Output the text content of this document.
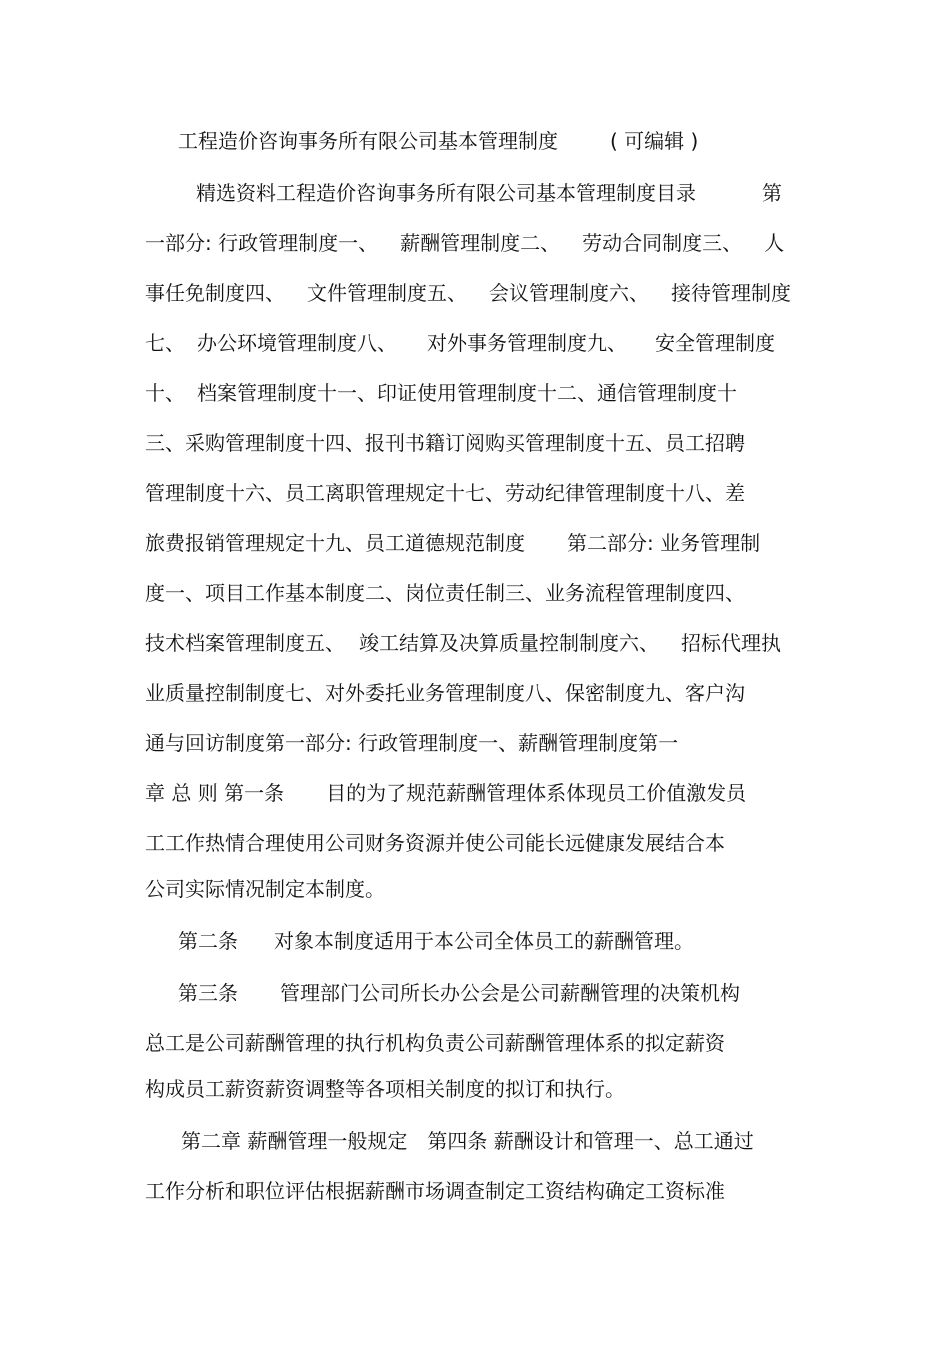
工程造价咨询事务所有限公司基本管理制度	( 可编辑 )
精选资料工程造价咨询事务所有限公司基本管理制度目录	第
一部分: 行政管理制度一、 薪酬管理制度二、 劳动合同制度三、 人
事任免制度四、 文件管理制度五、 会议管理制度六、 接待管理制度
七、 办公环境管理制度八、 对外事务管理制度九、 安全管理制度
十、 档案管理制度十一、印证使用管理制度十二、通信管理制度十
三、采购管理制度十四、报刊书籍订阅购买管理制度十五、员工招聘
管理制度十六、员工离职管理规定十七、劳动纪律管理制度十八、差
旅费报销管理规定十九、员工道德规范制度 第二部分: 业务管理制
度一、项目工作基本制度二、岗位责任制三、业务流程管理制度四、
技术档案管理制度五、 竣工结算及决算质量控制制度六、 招标代理执
业质量控制制度七、对外委托业务管理制度八、保密制度九、客户沟
通与回访制度第一部分: 行政管理制度一、薪酬管理制度第一
章 总 则 第一条 目的为了规范薪酬管理体系体现员工价值激发员
工工作热情合理使用公司财务资源并使公司能长远健康发展结合本
公司实际情况制定本制度。
第二条 对象本制度适用于本公司全体员工的薪酬管理。
第三条 管理部门公司所长办公会是公司薪酬管理的决策机构
总工是公司薪酬管理的执行机构负责公司薪酬管理体系的拟定薪资
构成员工薪资薪资调整等各项相关制度的拟订和执行。
第二章 薪酬管理一般规定 第四条 薪酬设计和管理一、总工通过
工作分析和职位评估根据薪酬市场调查制定工资结构确定工资标准
